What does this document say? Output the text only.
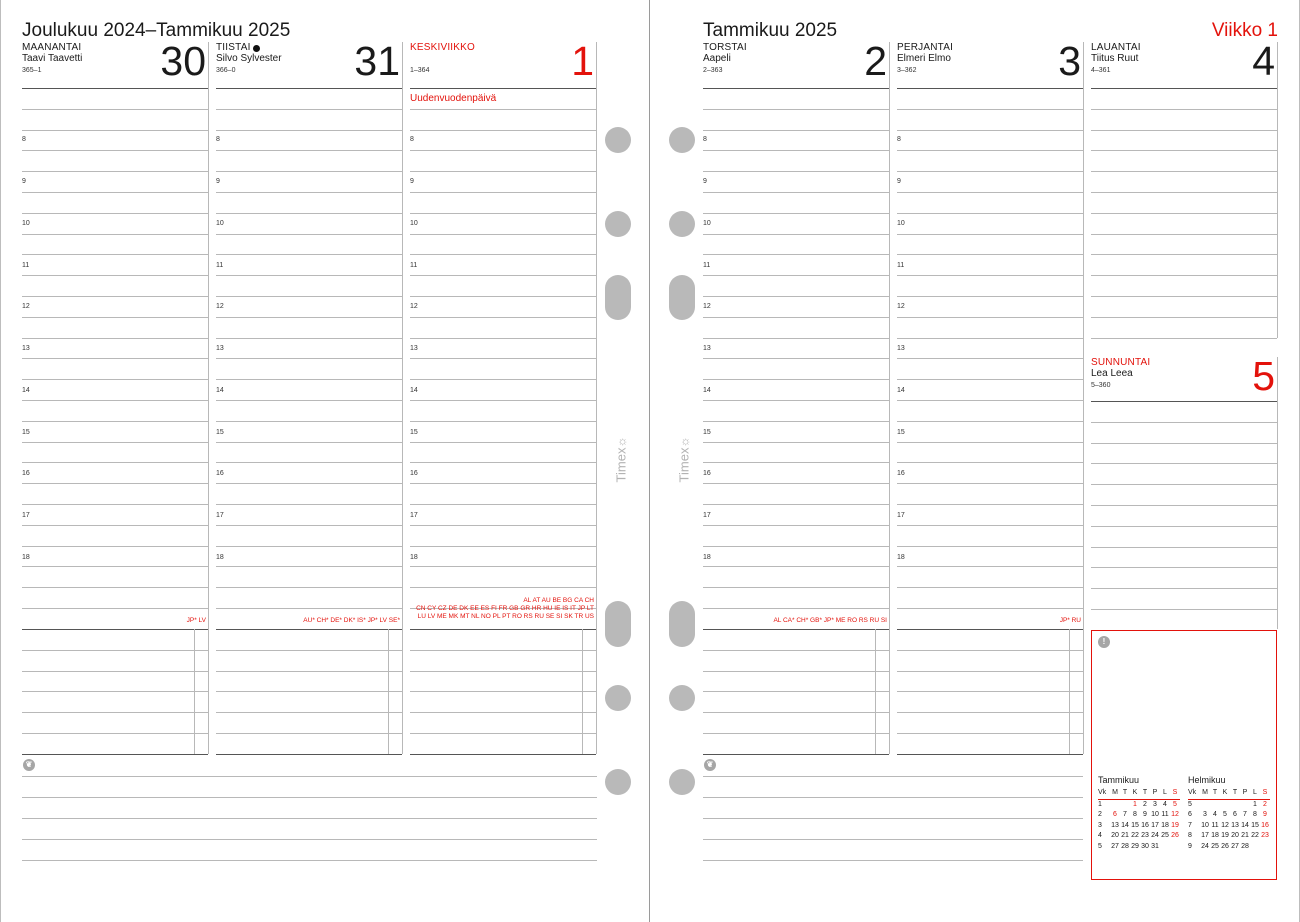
Joulukuu 2024–Tammikuu 2025	Tammikuu 2025	Viikko 1
MAANANTAI
Taavi Taavetti
365–1	30
8
9
10
11
12
13
14
15
16
17
18
JP* LV
TIISTAI
Silvo Sylvester
366–0	31
8
9
10
11
12
13
14
15
16
17
18
AU* CH* DE* DK* IS* JP* LV SE*
KESKIVIIKKO
1–364	1
8
9
10
11
12
13
14
15
16
17
18
Uudenvuodenpäivä
AL AT AU BE BG CA CH
CN CY CZ DE DK EE ES FI FR GB GR HR HU IE IS IT JP LT
LU LV ME MK MT NL NO PL PT RO RS RU SE SI SK TR US
TORSTAI
Aapeli
2–363	2
8
9
10
11
12
13
14
15
16
17
18
AL CA* CH* GB* JP* ME RO RS RU SI
PERJANTAI
Elmeri Elmo
3–362	3
8
9
10
11
12
13
14
15
16
17
18
JP* RU
LAUANTAI
Tiitus Ruut
4–361	4
SUNNUNTAI
Lea Leea
5–360	5
❦	❦
!
Tammikuu
Vk	M	T	K	T	P	L	S
1			1	2	3	4	5
2	6	7	8	9	10	11	12
3	13	14	15	16	17	18	19
4	20	21	22	23	24	25	26
5	27	28	29	30	31		
Helmikuu
Vk	M	T	K	T	P	L	S
5						1	2
6	3	4	5	6	7	8	9
7	10	11	12	13	14	15	16
8	17	18	19	20	21	22	23
9	24	25	26	27	28		
Timex☼
Timex☼
